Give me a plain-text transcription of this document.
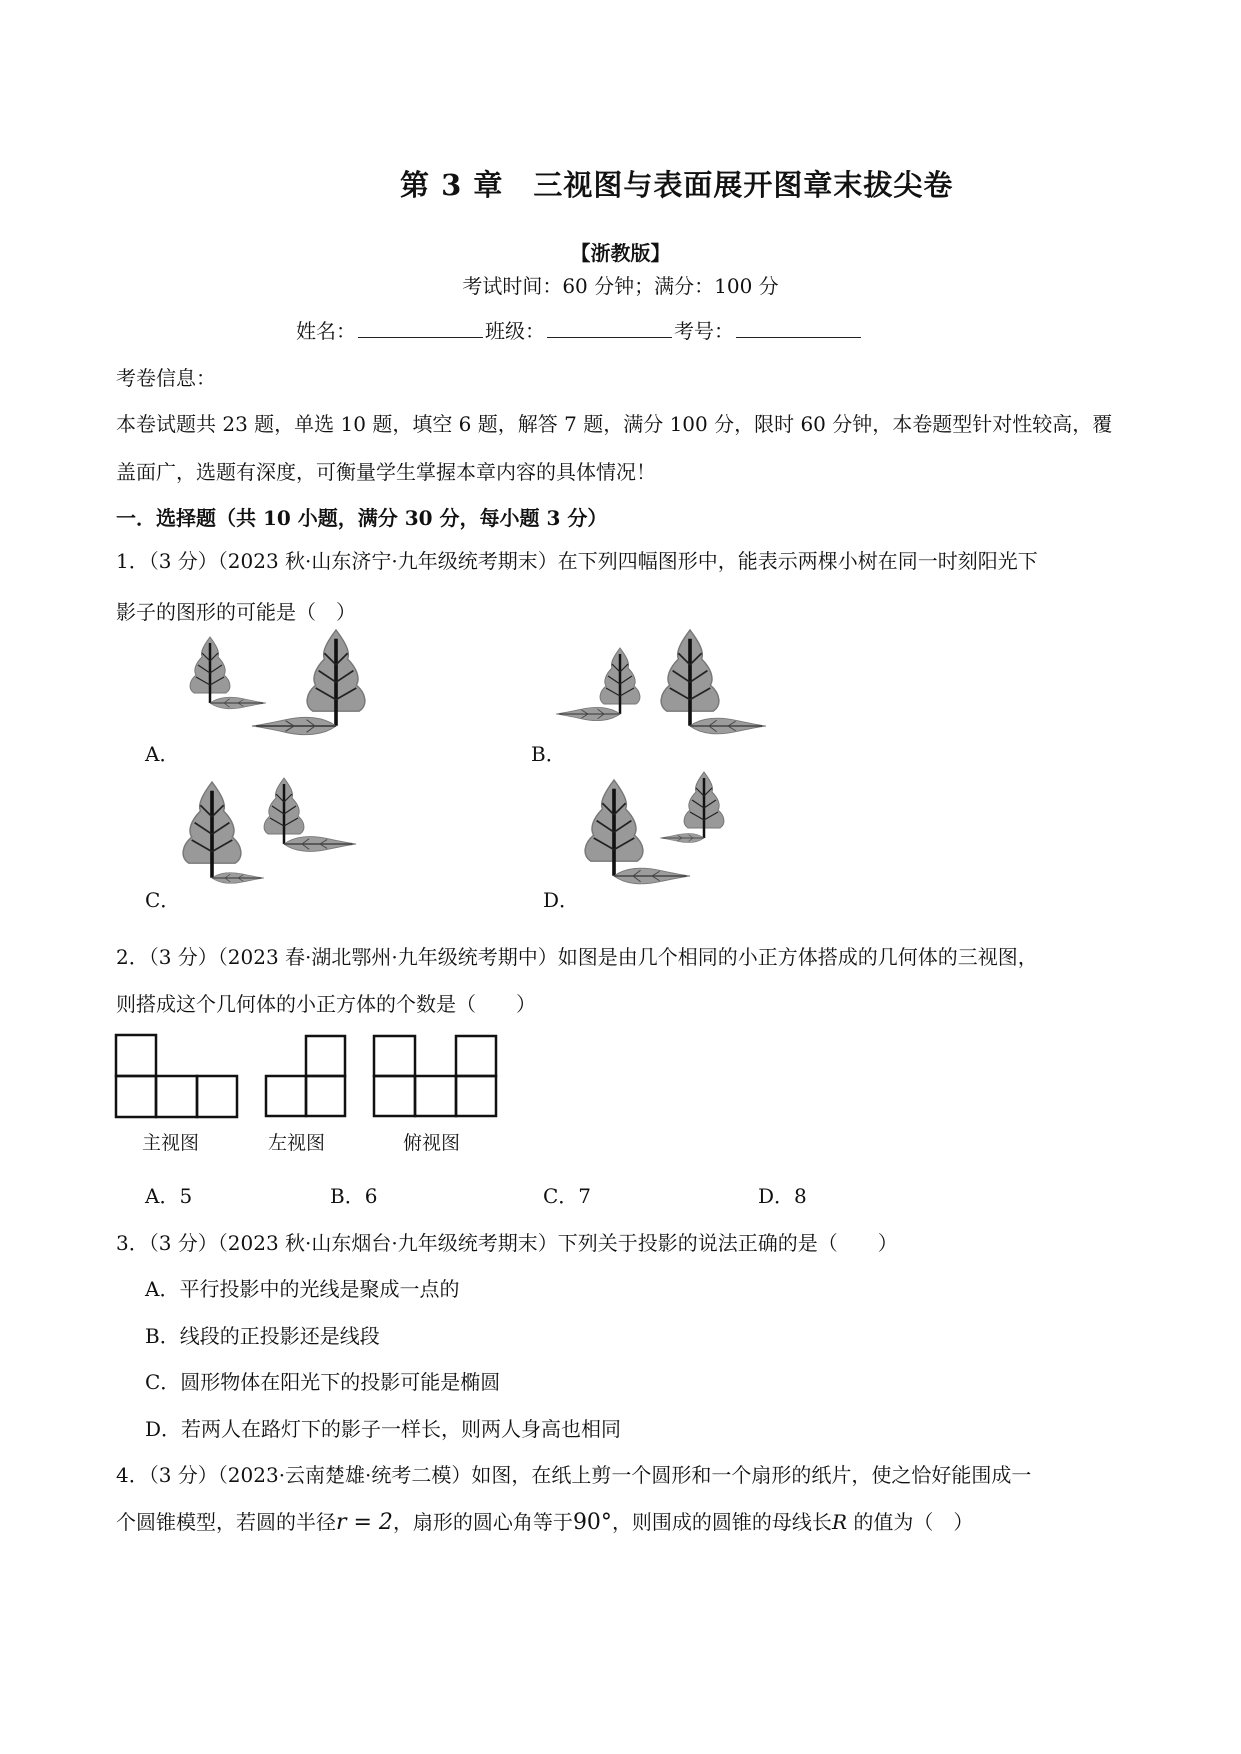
第 3 章　三视图与表面展开图章末拔尖卷
【浙教版】
考试时间：60 分钟；满分：100 分
姓名：	班级：	考号：
考卷信息：
本卷试题共 23 题，单选 10 题，填空 6 题，解答 7 题，满分 100 分，限时 60 分钟，本卷题型针对性较高，覆盖面广，选题有深度，可衡量学生掌握本章内容的具体情况！
一．选择题（共 10 小题，满分 30 分，每小题 3 分）
1．（3 分）（2023 秋·山东济宁·九年级统考期末）在下列四幅图形中，能表示两棵小树在同一时刻阳光下
影子的图形的可能是（　）
A．	B．
C．	D．
2．（3 分）（2023 春·湖北鄂州·九年级统考期中）如图是由几个相同的小正方体搭成的几何体的三视图，
则搭成这个几何体的小正方体的个数是（　　）
主视图	左视图	俯视图
A．5	B．6	C．7	D．8
3．（3 分）（2023 秋·山东烟台·九年级统考期末）下列关于投影的说法正确的是（　　）
A．平行投影中的光线是聚成一点的
B．线段的正投影还是线段
C．圆形物体在阳光下的投影可能是椭圆
D．若两人在路灯下的影子一样长，则两人身高也相同
4．（3 分）（2023·云南楚雄·统考二模）如图，在纸上剪一个圆形和一个扇形的纸片，使之恰好能围成一
个圆锥模型，若圆的半径r = 2，扇形的圆心角等于90°，则围成的圆锥的母线长R 的值为（　）
